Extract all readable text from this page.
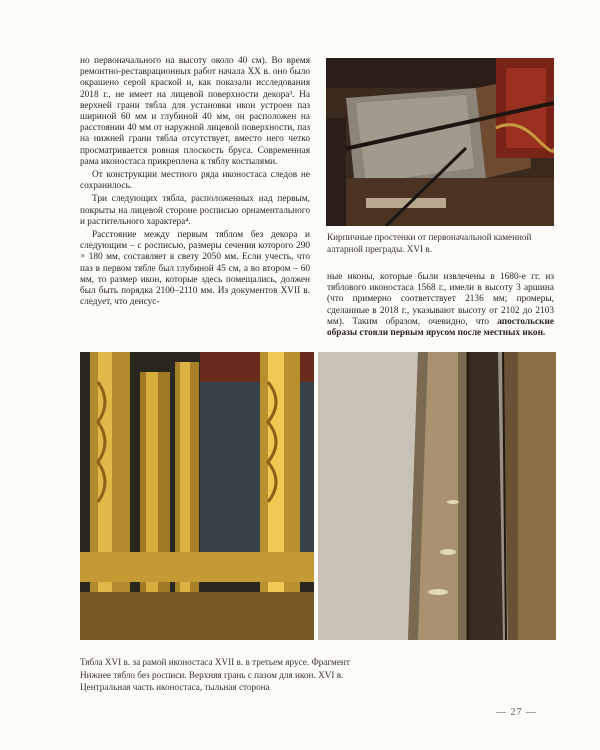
но первоначального на высоту около 40 см). Во время ремонтно-реставрационных работ начала XX в. оно было окрашено серой краской и, как показали исследования 2018 г., не имеет на лицевой поверхности декора³. На верхней грани тябла для установки икон устроен паз шириной 60 мм и глубиной 40 мм, он расположен на расстоянии 40 мм от наружной лицевой поверхности, паз на нижней грани тябла отсутствует, вместо него четко просматривается ровная плоскость бруса. Современная рама иконостаса прикреплена к тяблу костылями.

От конструкции местного ряда иконостаса следов не сохранилось.

Три следующих тябла, расположенных над первым, покрыты на лицевой стороне росписью орнаментального и растительного характера⁴.

Расстояние между первым тяблом без декора и следующим – с росписью, размеры сечения которого 290 × 180 мм, составляет в свету 2050 мм. Если учесть, что паз в первом тябле был глубиной 45 см, а во втором – 60 мм, то размер икон, которые здесь помещались, должен был быть порядка 2100–2110 мм. Из документов XVII в. следует, что деисус-

Кирпичные простенки от первоначальной каменной алтарной преграды. XVI в.
ные иконы, которые были извлечены в 1680-е гг. из тяблового иконостаса 1568 г., имели в высоту 3 аршина (что примерно соответствует 2136 мм; промеры, сделанные в 2018 г., указывают высоту от 2102 до 2103 мм). Таким образом, очевидно, что апостольские образы стояли первым ярусом после местных икон.
Тябла XVI в. за рамой иконостаса XVII в. в третьем ярусе. Фрагмент
Нижнее тябло без росписи. Верхняя грань с пазом для икон. XVI в.
Центральная часть иконостаса, тыльная сторона
— 27 —
